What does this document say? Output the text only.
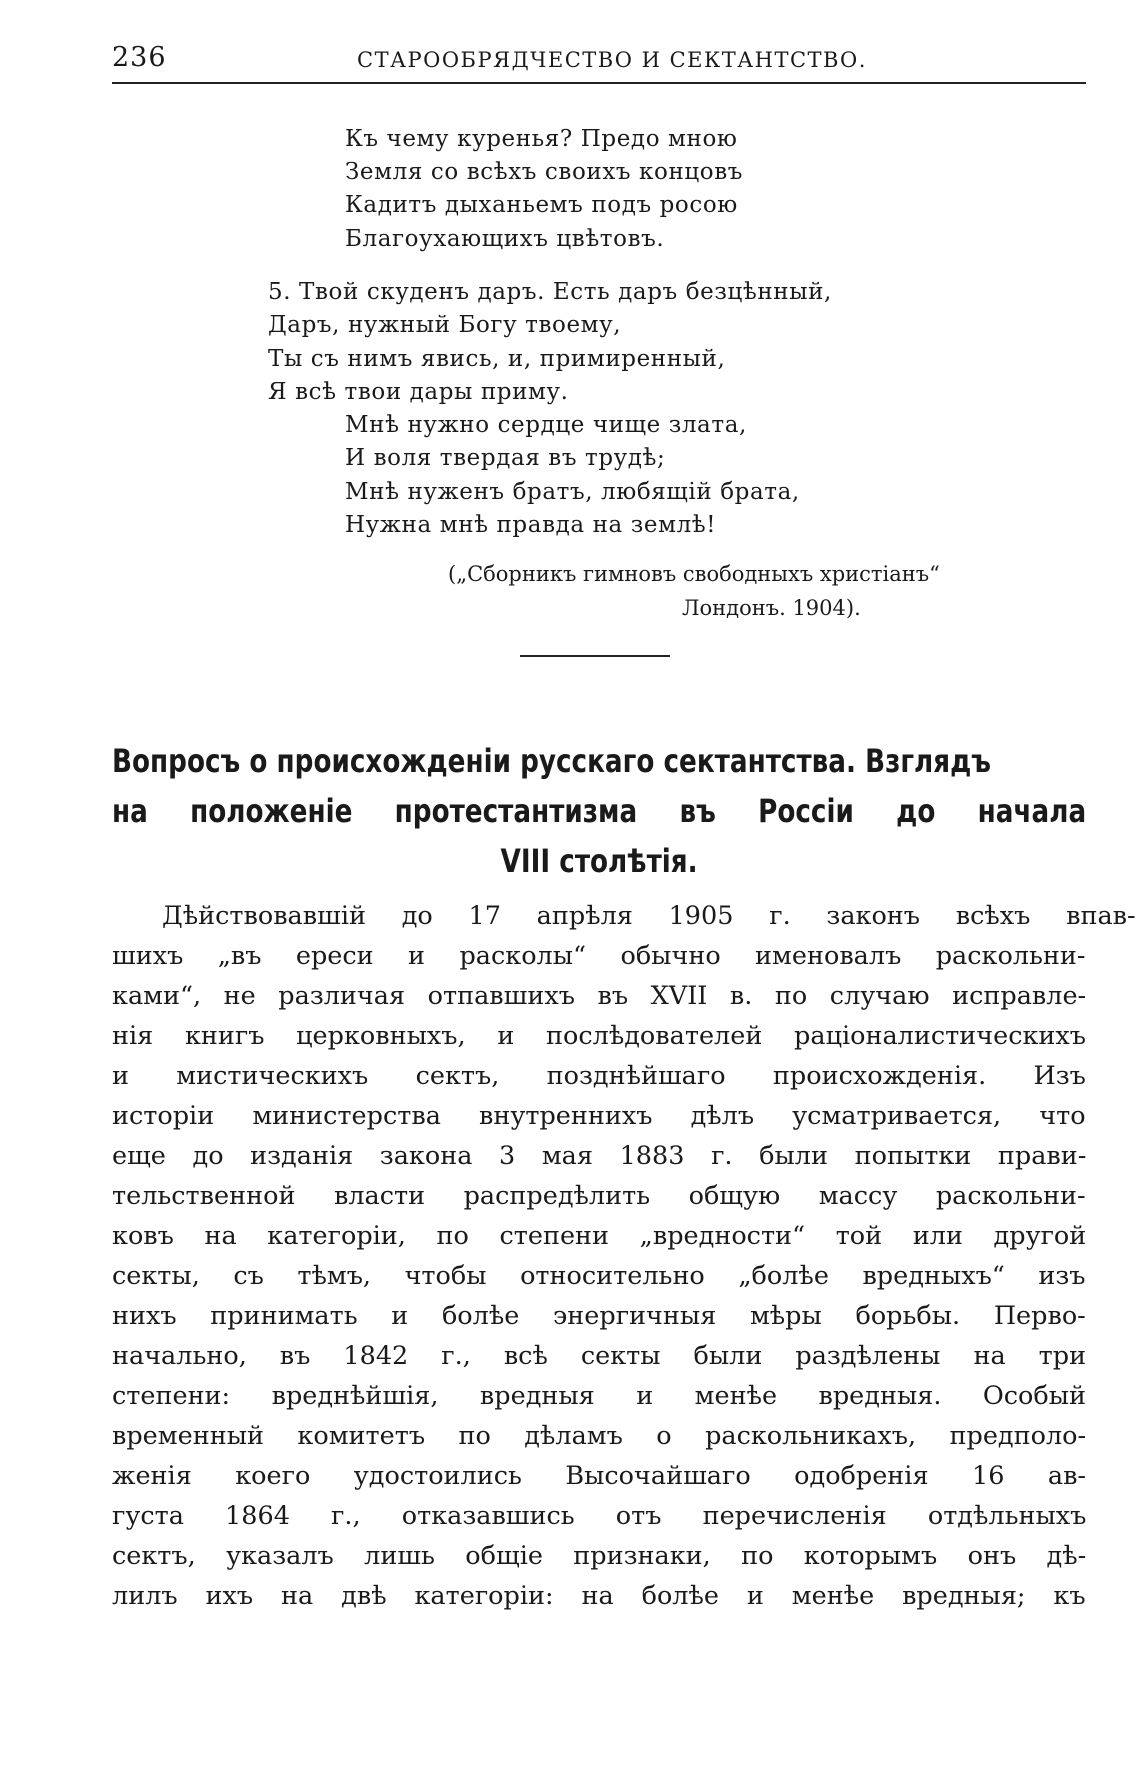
236	СТАРООБРЯДЧЕСТВО И СЕКТАНТСТВО.
Къ чему куренья? Предо мною
Земля со всѣхъ своихъ концовъ
Кадитъ дыханьемъ подъ росою
Благоухающихъ цвѣтовъ.
5. Твой скуденъ даръ. Есть даръ безцѣнный,
Даръ, нужный Богу твоему,
Ты съ нимъ явись, и, примиренный,
Я всѣ твои дары приму.
Мнѣ нужно сердце чище злата,
И воля твердая въ трудѣ;
Мнѣ нуженъ братъ, любящій брата,
Нужна мнѣ правда на землѣ!
(„Сборникъ гимновъ свободныхъ христіанъ“
Лондонъ. 1904).
Вопросъ о происхожденіи русскаго сектантства. Взглядъ
на положеніе протестантизма въ Россіи до начала
VIII столѣтія.
Дѣйствовавшій до 17 апрѣля 1905 г. законъ всѣхъ впав-
шихъ „въ ереси и расколы“ обычно именовалъ раскольни-
ками“, не различая отпавшихъ въ XVII в. по случаю исправле-
нія книгъ церковныхъ, и послѣдователей раціоналистическихъ
и мистическихъ сектъ, позднѣйшаго происхожденія. Изъ
исторіи министерства внутреннихъ дѣлъ усматривается, что
еще до изданія закона 3 мая 1883 г. были попытки прави-
тельственной власти распредѣлить общую массу раскольни-
ковъ на категоріи, по степени „вредности“ той или другой
секты, съ тѣмъ, чтобы относительно „болѣе вредныхъ“ изъ
нихъ принимать и болѣе энергичныя мѣры борьбы. Перво-
начально, въ 1842 г., всѣ секты были раздѣлены на три
степени: вреднѣйшія, вредныя и менѣе вредныя. Особый
временный комитетъ по дѣламъ о раскольникахъ, предполо-
женія коего удостоились Высочайшаго одобренія 16 ав-
густа 1864 г., отказавшись отъ перечисленія отдѣльныхъ
сектъ, указалъ лишь общіе признаки, по которымъ онъ дѣ-
лилъ ихъ на двѣ категоріи: на болѣе и менѣе вредныя; къ
